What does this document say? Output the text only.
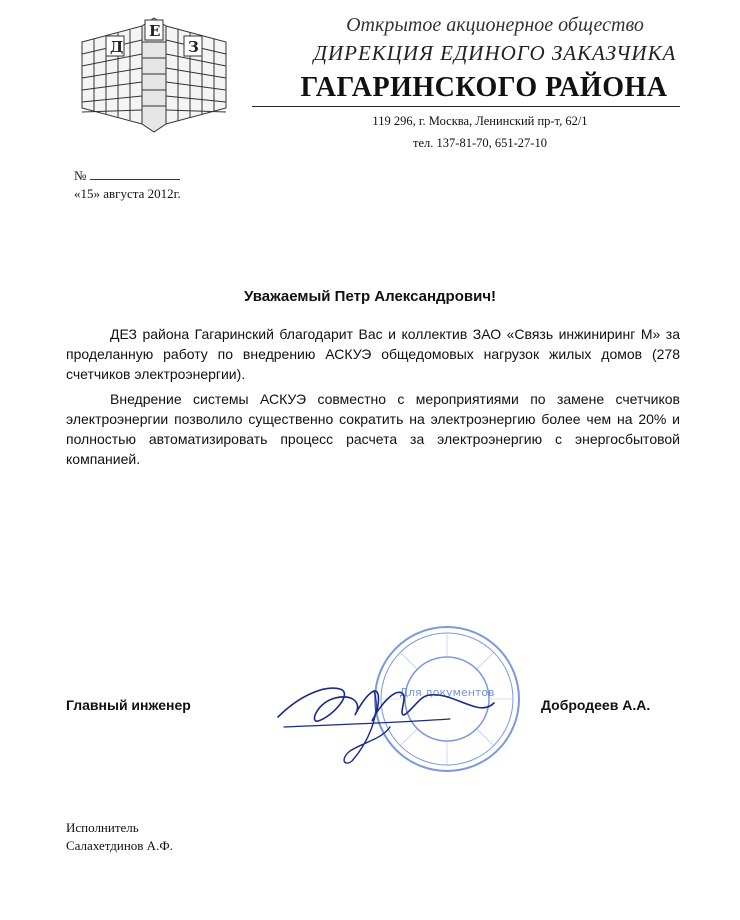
Д
Е
З
Открытое акционерное общество
ДИРЕКЦИЯ ЕДИНОГО ЗАКАЗЧИКА
ГАГАРИНСКОГО РАЙОНА
119 296, г. Москва, Ленинский пр-т, 62/1
тел. 137-81-70, 651-27-10
№
«15» августа 2012г.
Уважаемый Петр Александрович!
ДЕЗ района Гагаринский благодарит Вас и коллектив ЗАО «Связь инжиниринг М» за проделанную работу по внедрению АСКУЭ общедомовых нагрузок жилых домов (278 счетчиков электроэнергии).
Внедрение системы АСКУЭ совместно с мероприятиями по замене счетчиков электроэнергии позволило существенно сократить на электроэнергию более чем на 20% и полностью автоматизировать процесс расчета за электроэнергию с энергосбытовой компанией.
Для документов
Главный инженер	Добродеев А.А.
Исполнитель
Салахетдинов А.Ф.
